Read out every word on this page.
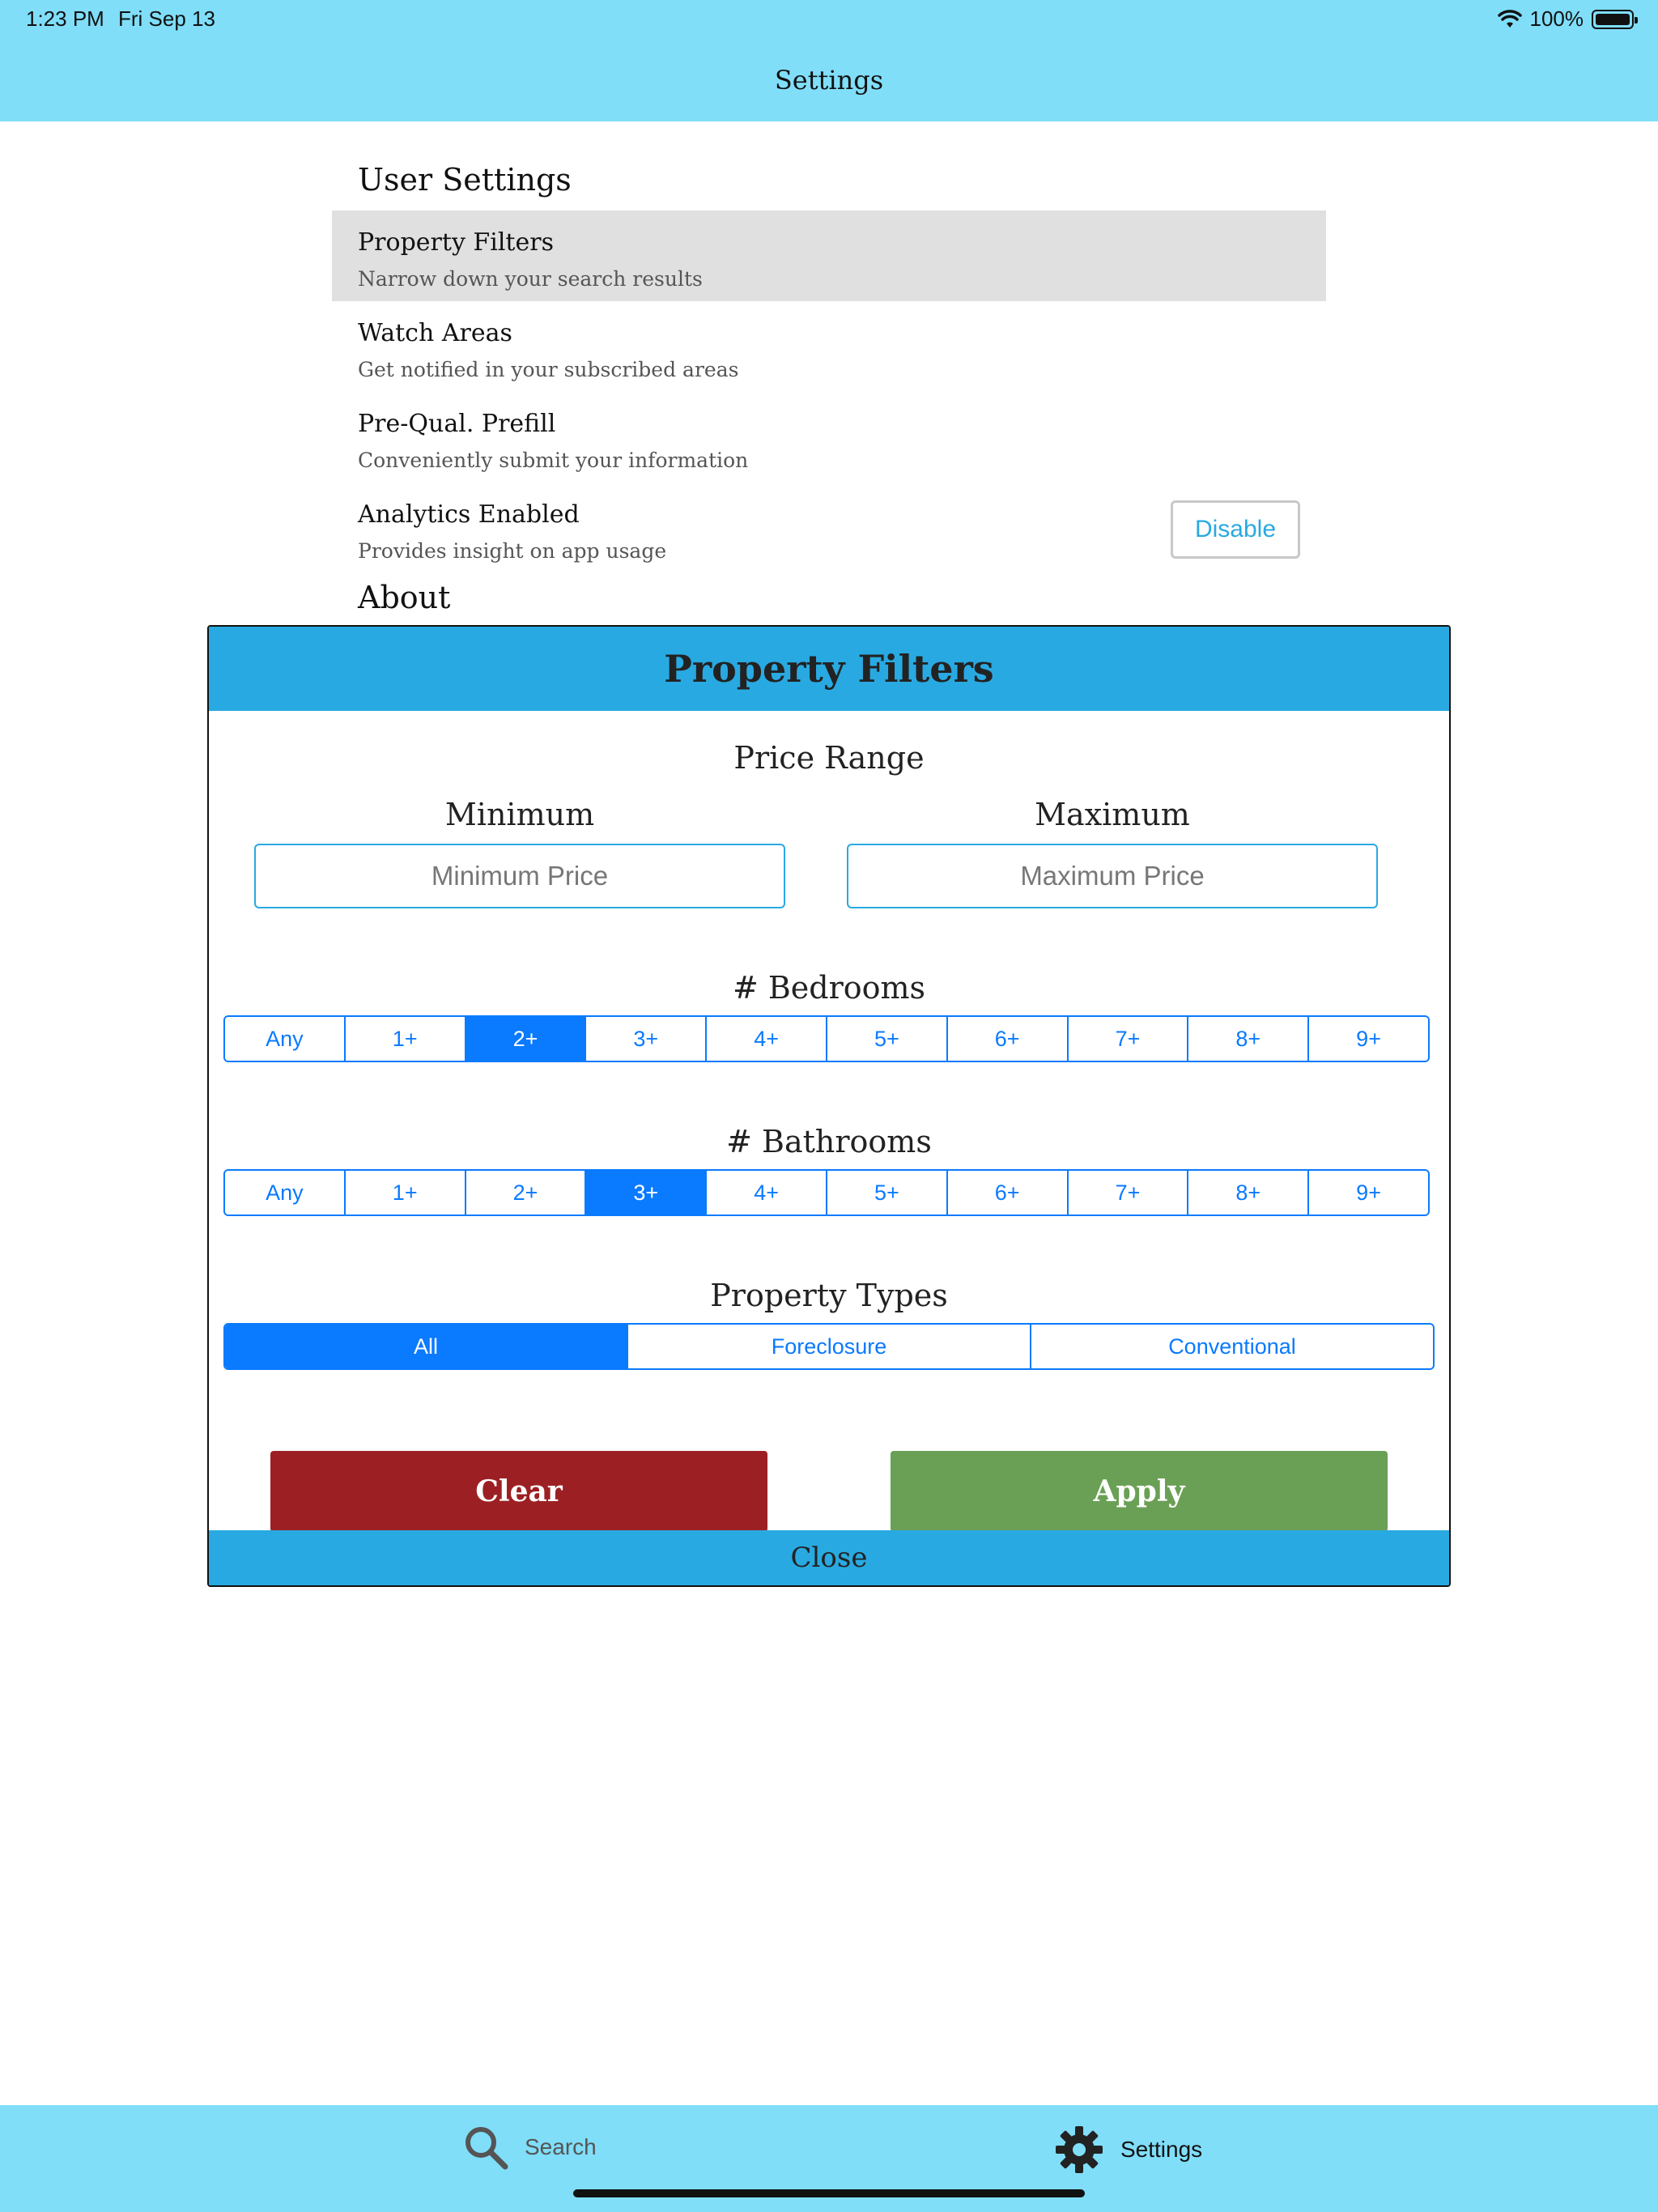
1:23 PM Fri Sep 13	100%
Settings
User Settings
Property Filters
Narrow down your search results
Watch Areas
Get notified in your subscribed areas
Pre-Qual. Prefill
Conveniently submit your information
Analytics Enabled
Provides insight on app usage
Disable
About
Property Filters
Price Range
Minimum	Maximum
Minimum Price	Maximum Price
# Bedrooms
Any	1+	2+	3+	4+	5+	6+	7+	8+	9+
# Bathrooms
Any	1+	2+	3+	4+	5+	6+	7+	8+	9+
Property Types
All	Foreclosure	Conventional
Clear	Apply
Close
Search	Settings
